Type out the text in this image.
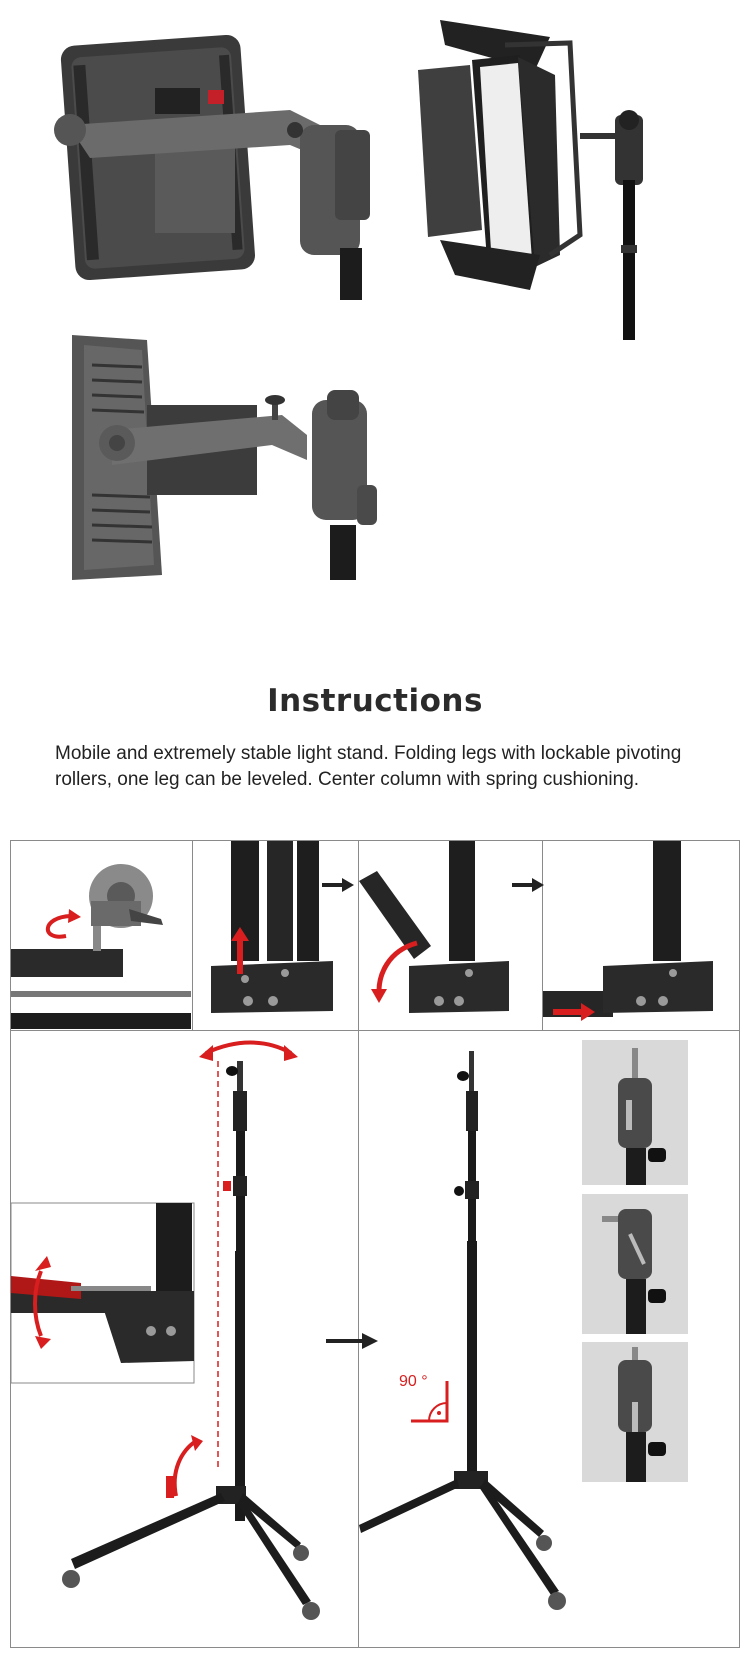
Instructions
Mobile and extremely stable light stand. Folding legs with lockable pivoting rollers, one leg can be leveled. Center column with spring cushioning.
90 °
